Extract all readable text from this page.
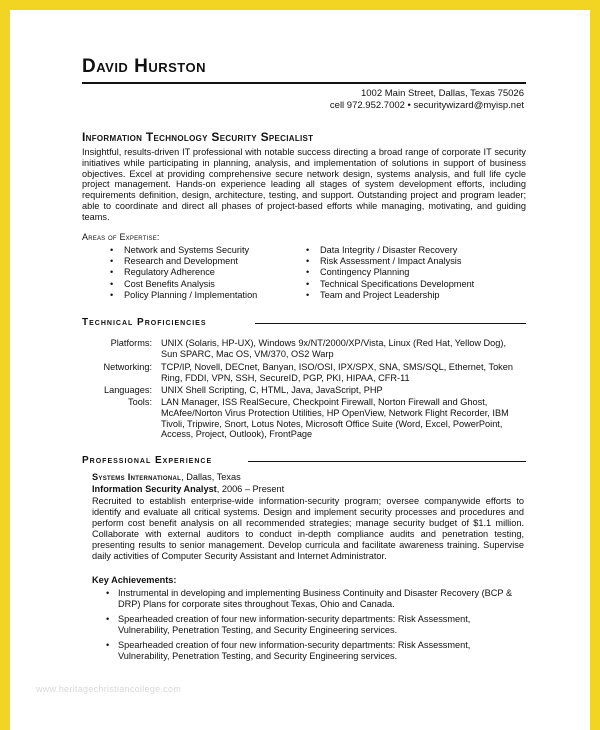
David Hurston
1002 Main Street, Dallas, Texas 75026
cell 972.952.7002 • securitywizard@myisp.net
Information Technology Security Specialist
Insightful, results-driven IT professional with notable success directing a broad range of corporate IT security initiatives while participating in planning, analysis, and implementation of solutions in support of business objectives. Excel at providing comprehensive secure network design, systems analysis, and full life cycle project management. Hands-on experience leading all stages of system development efforts, including requirements definition, design, architecture, testing, and support. Outstanding project and program leader; able to coordinate and direct all phases of project-based efforts while managing, motivating, and guiding teams.
Areas of Expertise:
• Network and Systems Security
• Research and Development
• Regulatory Adherence
• Cost Benefits Analysis
• Policy Planning / Implementation
• Data Integrity / Disaster Recovery
• Risk Assessment / Impact Analysis
• Contingency Planning
• Technical Specifications Development
• Team and Project Leadership
Technical Proficiencies
Platforms: UNIX (Solaris, HP-UX), Windows 9x/NT/2000/XP/Vista, Linux (Red Hat, Yellow Dog), Sun SPARC, Mac OS, VM/370, OS2 Warp
Networking: TCP/IP, Novell, DECnet, Banyan, ISO/OSI, IPX/SPX, SNA, SMS/SQL, Ethernet, Token Ring, FDDI, VPN, SSH, SecureID, PGP, PKI, HIPAA, CFR-11
Languages: UNIX Shell Scripting, C, HTML, Java, JavaScript, PHP
Tools: LAN Manager, ISS RealSecure, Checkpoint Firewall, Norton Firewall and Ghost, McAfee/Norton Virus Protection Utilities, HP OpenView, Network Flight Recorder, IBM Tivoli, Tripwire, Snort, Lotus Notes, Microsoft Office Suite (Word, Excel, PowerPoint, Access, Project, Outlook), FrontPage
Professional Experience
Systems International, Dallas, Texas
Information Security Analyst, 2006 – Present
Recruited to establish enterprise-wide information-security program; oversee companywide efforts to identify and evaluate all critical systems. Design and implement security processes and procedures and perform cost benefit analysis on all recommended strategies; manage security budget of $1.1 million. Collaborate with external auditors to conduct in-depth compliance audits and penetration testing, presenting results to senior management. Develop curricula and facilitate awareness training. Supervise daily activities of Computer Security Assistant and Internet Administrator.
Key Achievements:
• Instrumental in developing and implementing Business Continuity and Disaster Recovery (BCP & DRP) Plans for corporate sites throughout Texas, Ohio and Canada.
• Spearheaded creation of four new information-security departments: Risk Assessment, Vulnerability, Penetration Testing, and Security Engineering services.
• Spearheaded creation of four new information-security departments: Risk Assessment, Vulnerability, Penetration Testing, and Security Engineering services.
www.heritagechristiancollege.com
